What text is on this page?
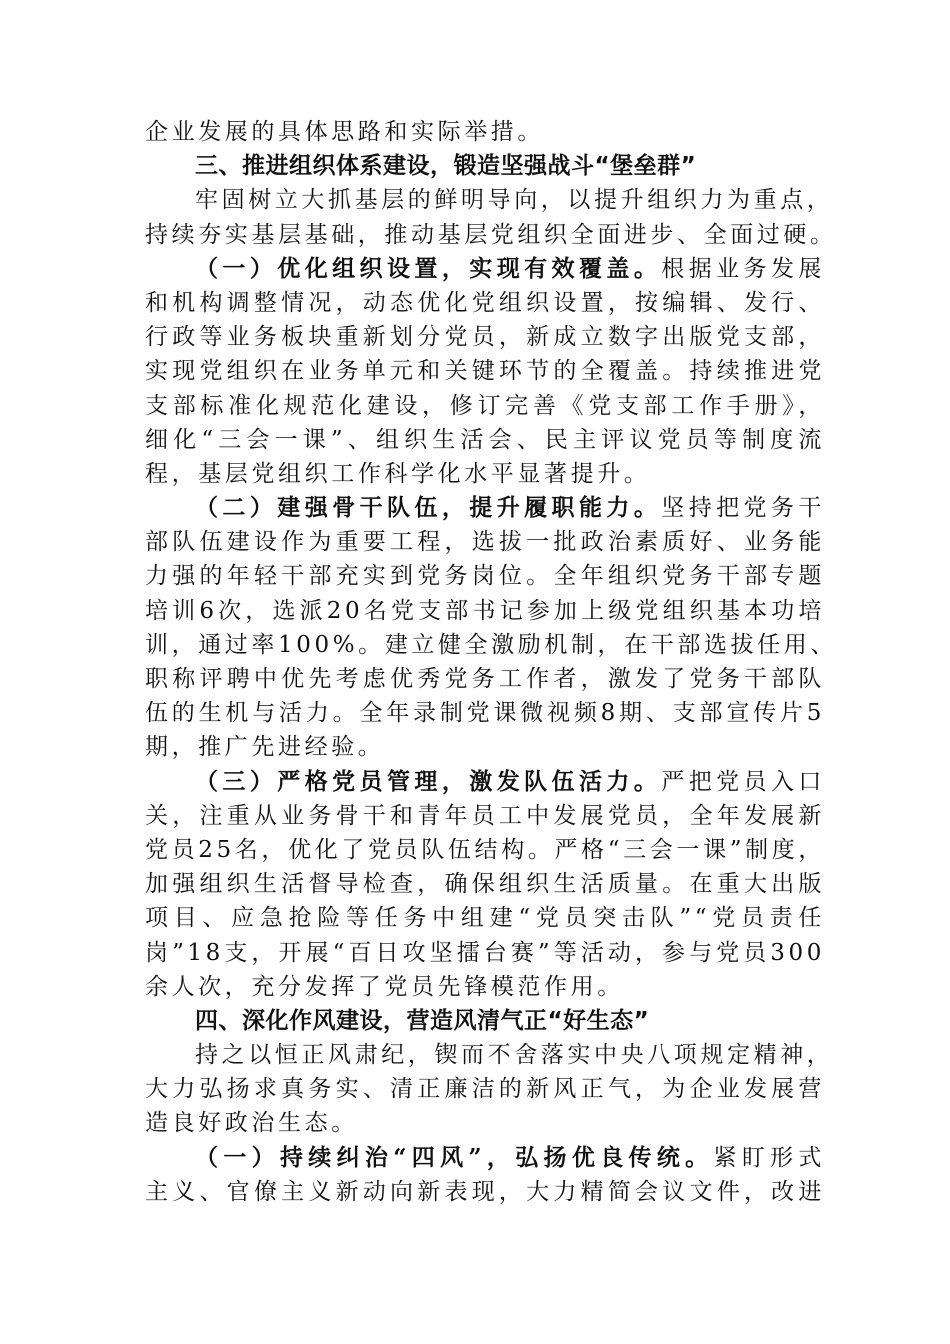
企业发展的具体思路和实际举措。
三、推进组织体系建设，锻造坚强战斗“堡垒群”
牢固树立大抓基层的鲜明导向，以提升组织力为重点，
持续夯实基层基础，推动基层党组织全面进步、全面过硬。
（一）优化组织设置，实现有效覆盖。根据业务发展
和机构调整情况，动态优化党组织设置，按编辑、发行、
行政等业务板块重新划分党员，新成立数字出版党支部，
实现党组织在业务单元和关键环节的全覆盖。持续推进党
支部标准化规范化建设，修订完善《党支部工作手册》，
细化“三会一课”、组织生活会、民主评议党员等制度流
程，基层党组织工作科学化水平显著提升。
（二）建强骨干队伍，提升履职能力。坚持把党务干
部队伍建设作为重要工程，选拔一批政治素质好、业务能
力强的年轻干部充实到党务岗位。全年组织党务干部专题
培训6次，选派20名党支部书记参加上级党组织基本功培
训，通过率100%。建立健全激励机制，在干部选拔任用、
职称评聘中优先考虑优秀党务工作者，激发了党务干部队
伍的生机与活力。全年录制党课微视频8期、支部宣传片5
期，推广先进经验。
（三）严格党员管理，激发队伍活力。严把党员入口
关，注重从业务骨干和青年员工中发展党员，全年发展新
党员25名，优化了党员队伍结构。严格“三会一课”制度，
加强组织生活督导检查，确保组织生活质量。在重大出版
项目、应急抢险等任务中组建“党员突击队”“党员责任
岗”18支，开展“百日攻坚擂台赛”等活动，参与党员300
余人次，充分发挥了党员先锋模范作用。
四、深化作风建设，营造风清气正“好生态”
持之以恒正风肃纪，锲而不舍落实中央八项规定精神，
大力弘扬求真务实、清正廉洁的新风正气，为企业发展营
造良好政治生态。
（一）持续纠治“四风”，弘扬优良传统。紧盯形式
主义、官僚主义新动向新表现，大力精简会议文件，改进
